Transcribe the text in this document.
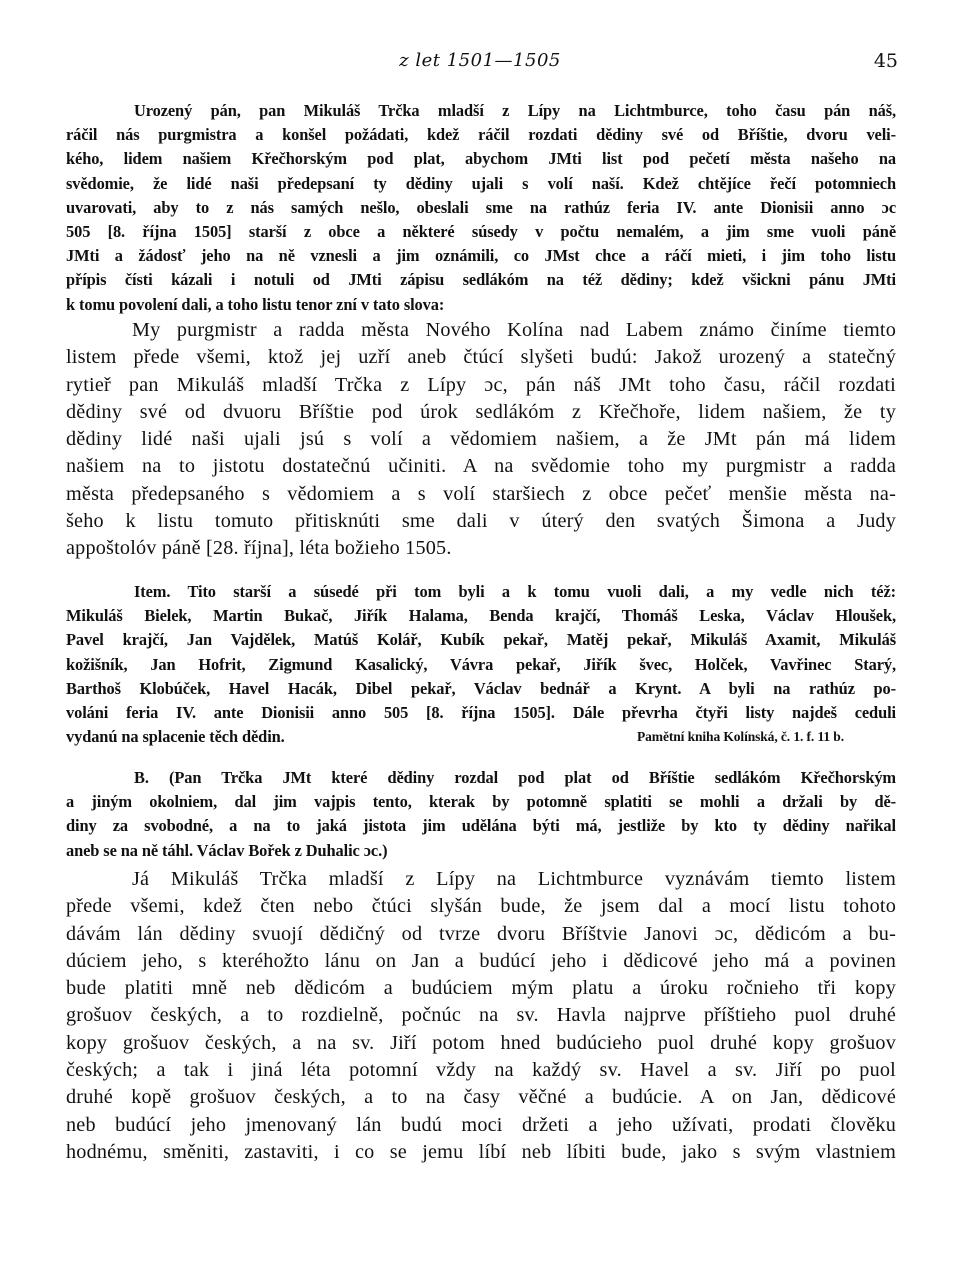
z let 1501—1505	45
Urozený pán, pan Mikuláš Trčka mladší z Lípy na Lichtmburce, toho času pán náš,
ráčil nás purgmistra a konšel požádati, kdež ráčil rozdati dědiny své od Bříštie, dvoru veli-
kého, lidem našiem Křečhorským pod plat, abychom JMti list pod pečetí města našeho na
svědomie, že lidé naši předepsaní ty dědiny ujali s volí naší. Kdež chtějíce řečí potomniech
uvarovati, aby to z nás samých nešlo, obeslali sme na rathúz feria IV. ante Dionisii anno ɔc
505 [8. října 1505] starší z obce a některé súsedy v počtu nemalém, a jim sme vuoli páně
JMti a žádosť jeho na ně vznesli a jim oznámili, co JMst chce a ráčí mieti, i jim toho listu
přípis čísti kázali i notuli od JMti zápisu sedlákóm na též dědiny; kdež všickni pánu JMti
k tomu povolení dali, a toho listu tenor zní v tato slova:
My purgmistr a radda města Nového Kolína nad Labem známo činíme tiemto
listem přede všemi, ktož jej uzří aneb čtúcí slyšeti budú: Jakož urozený a statečný
rytieř pan Mikuláš mladší Trčka z Lípy ɔc, pán náš JMt toho času, ráčil rozdati
dědiny své od dvuoru Bříštie pod úrok sedlákóm z Křečhoře, lidem našiem, že ty
dědiny lidé naši ujali jsú s volí a vědomiem našiem, a že JMt pán má lidem
našiem na to jistotu dostatečnú učiniti. A na svědomie toho my purgmistr a radda
města předepsaného s vědomiem a s volí staršiech z obce pečeť menšie města na-
šeho k listu tomuto přitisknúti sme dali v úterý den svatých Šimona a Judy
appoštolóv páně [28. října], léta božieho 1505.
Item. Tito starší a súsedé při tom byli a k tomu vuoli dali, a my vedle nich též:
Mikuláš Bielek, Martin Bukač, Jiřík Halama, Benda krajčí, Thomáš Leska, Václav Hloušek,
Pavel krajčí, Jan Vajdělek, Matúš Kolář, Kubík pekař, Matěj pekař, Mikuláš Axamit, Mikuláš
kožišník, Jan Hofrit, Zigmund Kasalický, Vávra pekař, Jiřík švec, Holček, Vavřinec Starý,
Barthoš Klobúček, Havel Hacák, Dibel pekař, Václav bednář a Krynt. A byli na rathúz po-
voláni feria IV. ante Dionisii anno 505 [8. října 1505]. Dále převrha čtyři listy najdeš ceduli
vydanú na splacenie těch dědin.	Pamětní kniha Kolínská, č. 1. f. 11 b.
B. (Pan Trčka JMt které dědiny rozdal pod plat od Bříštie sedlákóm Křečhorským
a jiným okolniem, dal jim vajpis tento, kterak by potomně splatiti se mohli a držali by dě-
diny za svobodné, a na to jaká jistota jim udělána býti má, jestliže by kto ty dědiny nařikal
aneb se na ně táhl. Václav Bořek z Duhalic ɔc.)
Já Mikuláš Trčka mladší z Lípy na Lichtmburce vyznávám tiemto listem
přede všemi, kdež čten nebo čtúci slyšán bude, že jsem dal a mocí listu tohoto
dávám lán dědiny svuojí dědičný od tvrze dvoru Bříštvie Janovi ɔc, dědicóm a bu-
dúciem jeho, s kteréhožto lánu on Jan a budúcí jeho i dědicové jeho má a povinen
bude platiti mně neb dědicóm a budúciem mým platu a úroku ročnieho tři kopy
grošuov českých, a to rozdielně, počnúc na sv. Havla najprve příštieho puol druhé
kopy grošuov českých, a na sv. Jiří potom hned budúcieho puol druhé kopy grošuov
českých; a tak i jiná léta potomní vždy na každý sv. Havel a sv. Jiří po puol
druhé kopě grošuov českých, a to na časy věčné a budúcie. A on Jan, dědicové
neb budúcí jeho jmenovaný lán budú moci držeti a jeho užívati, prodati člověku
hodnému, směniti, zastaviti, i co se jemu líbí neb líbiti bude, jako s svým vlastniem
